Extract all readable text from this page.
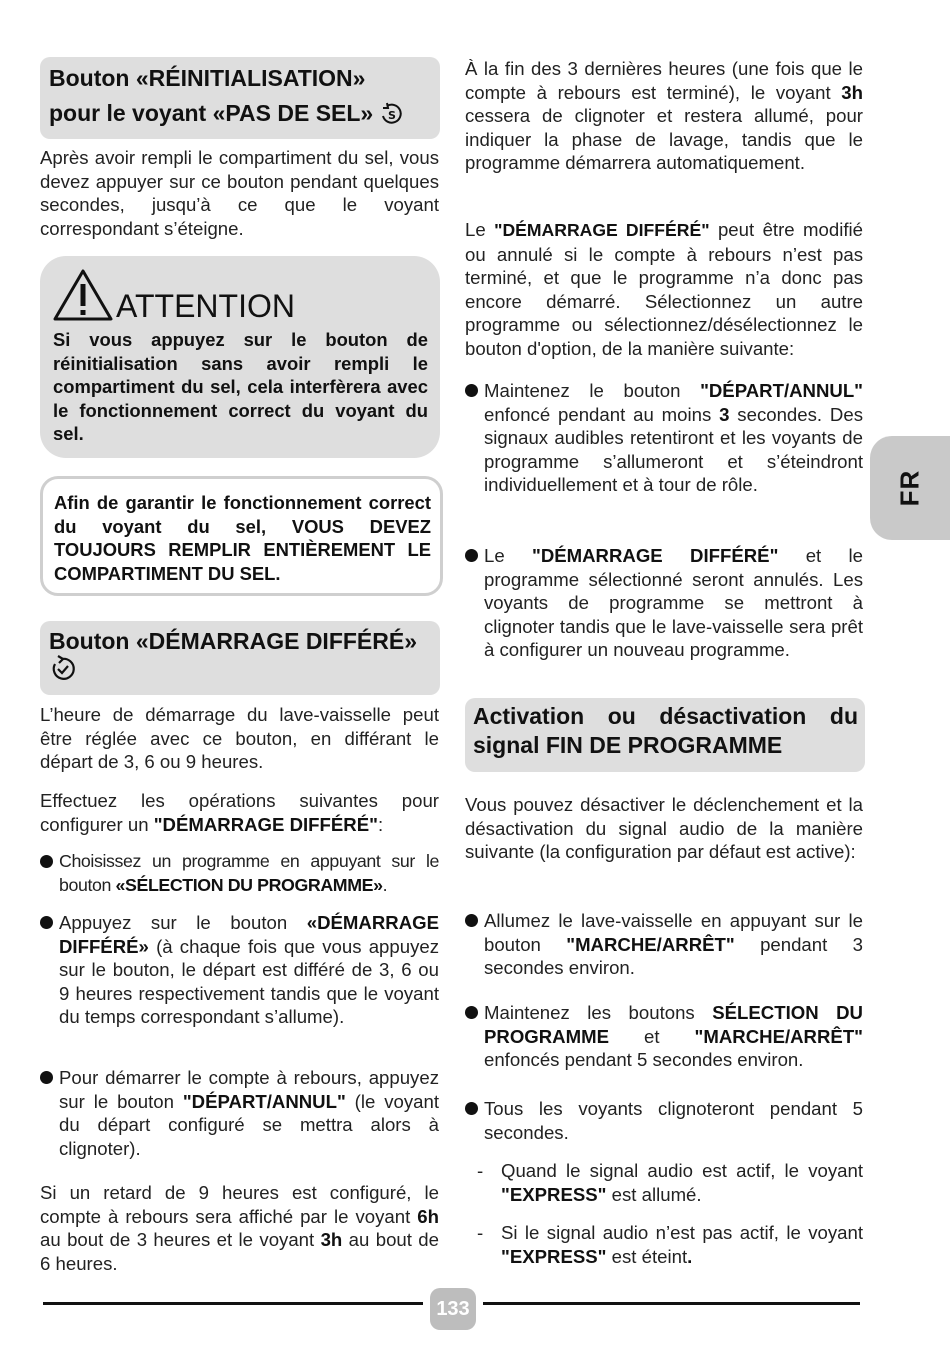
Bouton «RÉINITIALISATION»
pour le voyant «PAS DE SEL» S

Après avoir rempli le compartiment du sel, vous devez appuyer sur ce bouton pendant quelques secondes, jusqu’à ce que le voyant correspondant s’éteigne.

ATTENTION

Si vous appuyez sur le bouton de réinitialisation sans avoir rempli le compartiment du sel, cela interfèrera avec le fonctionnement correct du voyant du sel.

Afin de garantir le fonctionnement correct du voyant du sel, VOUS DEVEZ TOUJOURS REMPLIR ENTIÈREMENT LE COMPARTIMENT DU SEL.

Bouton «DÉMARRAGE DIFFÉRÉ»

L’heure de démarrage du lave-vaisselle peut être réglée avec ce bouton, en différant le départ de 3, 6 ou 9 heures.

Effectuez les opérations suivantes pour configurer un "DÉMARRAGE DIFFÉRÉ":

Choisissez un programme en appuyant sur le bouton «SÉLECTION DU PROGRAMME».
Appuyez sur le bouton «DÉMARRAGE DIFFÉRÉ» (à chaque fois que vous appuyez sur le bouton, le départ est différé de 3, 6 ou 9 heures respectivement tandis que le voyant du temps correspondant s’allume).
Pour démarrer le compte à rebours, appuyez sur le bouton "DÉPART/ANNUL" (le voyant du départ configuré se mettra alors à clignoter).

Si un retard de 9 heures est configuré, le compte à rebours sera affiché par le voyant 6h au bout de 3 heures et le voyant 3h au bout de 6 heures.

À la fin des 3 dernières heures (une fois que le compte à rebours est terminé), le voyant 3h cessera de clignoter et restera allumé, pour indiquer la phase de lavage, tandis que le programme démarrera automatiquement.

Le "DÉMARRAGE DIFFÉRÉ" peut être modifié ou annulé si le compte à rebours n’est pas terminé, et que le programme n’a donc pas encore démarré. Sélectionnez un autre programme ou sélectionnez/désélectionnez le bouton d'option, de la manière suivante:

Maintenez le bouton "DÉPART/ANNUL" enfoncé pendant au moins 3 secondes. Des signaux audibles retentiront et les voyants de programme s’allumeront et s’éteindront individuellement et à tour de rôle.
Le "DÉMARRAGE DIFFÉRÉ" et le programme sélectionné seront annulés. Les voyants de programme se mettront à clignoter tandis que le lave-vaisselle sera prêt à configurer un nouveau programme.
Activation ou désactivation du signal FIN DE PROGRAMME

Vous pouvez désactiver le déclenchement et la désactivation du signal audio de la manière suivante (la configuration par défaut est active):

Allumez le lave-vaisselle en appuyant sur le bouton "MARCHE/ARRÊT" pendant 3 secondes environ.
Maintenez les boutons SÉLECTION DU PROGRAMME et "MARCHE/ARRÊT" enfoncés pendant 5 secondes environ.
Tous les voyants clignoteront pendant 5 secondes.
- Quand le signal audio est actif, le voyant "EXPRESS" est allumé.
- Si le signal audio n’est pas actif, le voyant "EXPRESS" est éteint.
FR
133
